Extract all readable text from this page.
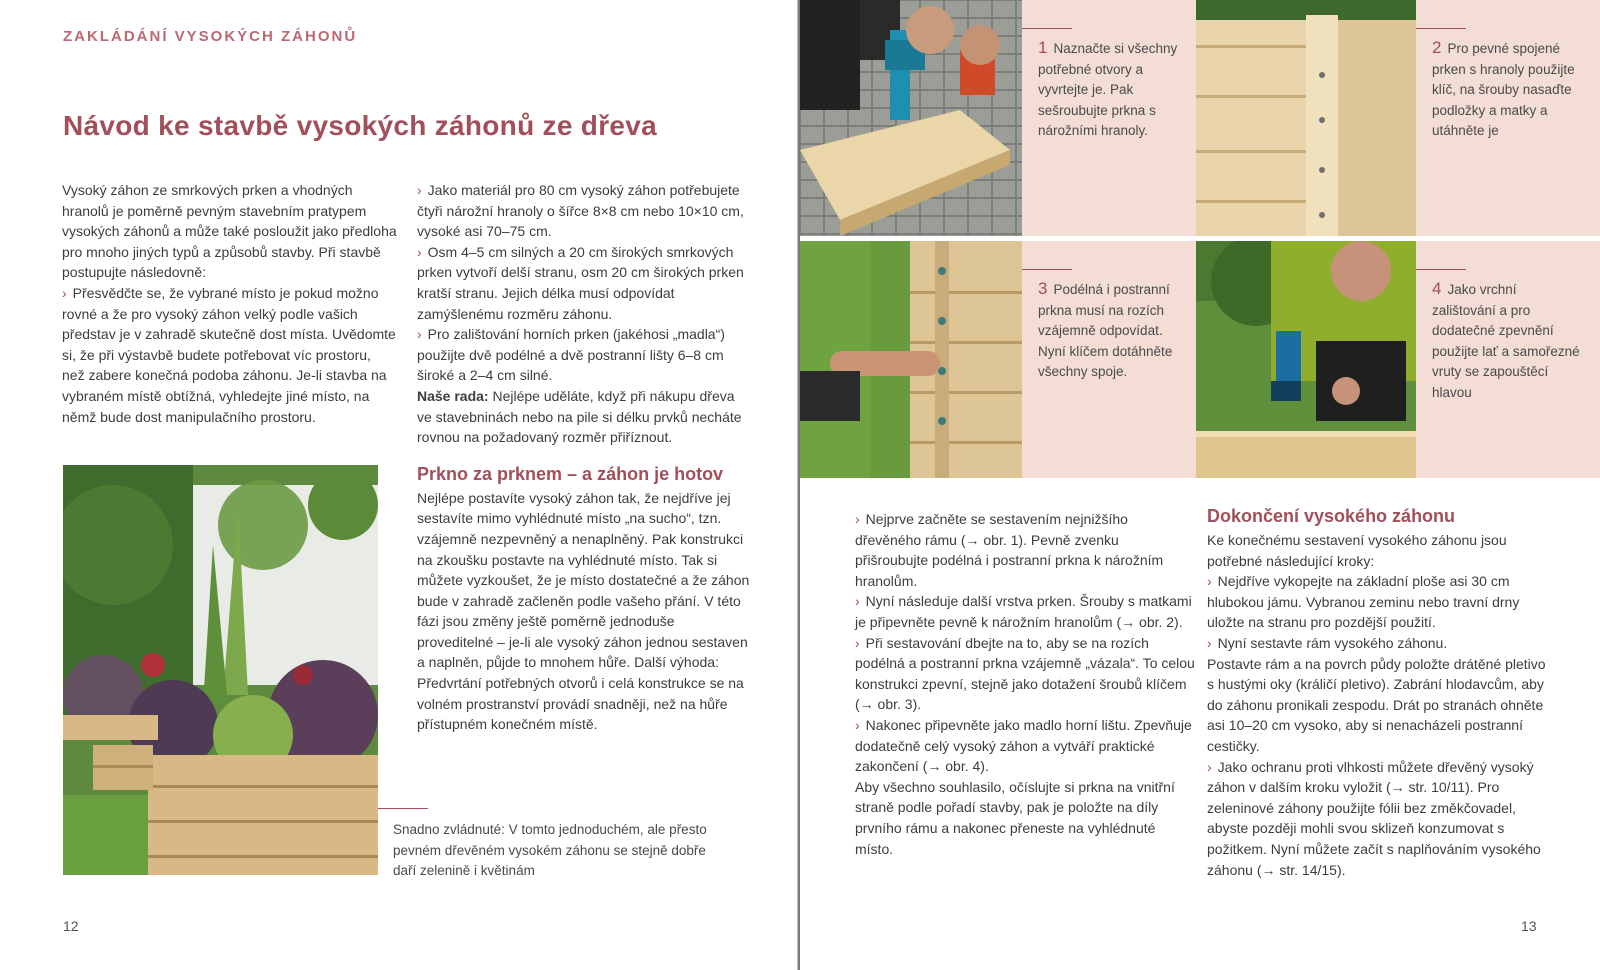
ZAKLÁDÁNÍ VYSOKÝCH ZÁHONŮ
Návod ke stavbě vysokých záhonů ze dřeva

Vysoký záhon ze smrkových prken a vhodných hranolů je poměrně pevným stavebním pratypem vysokých záhonů a může také posloužit jako předloha pro mnoho jiných typů a způsobů stavby. Při stavbě postupujte následovně:

› Přesvědčte se, že vybrané místo je pokud možno rovné a že pro vysoký záhon velký podle vašich představ je v zahradě skutečně dost místa. Uvědomte si, že při výstavbě budete potřebovat víc prostoru, než zabere konečná podoba záhonu. Je-li stavba na vybraném místě obtížná, vyhledejte jiné místo, na němž bude dost manipulačního prostoru.

› Jako materiál pro 80 cm vysoký záhon potřebujete čtyři nárožní hranoly o šířce 8×8 cm nebo 10×10 cm, vysoké asi 70–75 cm.

› Osm 4–5 cm silných a 20 cm širokých smrkových prken vytvoří delší stranu, osm 20 cm širokých prken kratší stranu. Jejich délka musí odpovídat zamýšlenému rozměru záhonu.

› Pro zalištování horních prken (jakéhosi „madla“) použijte dvě podélné a dvě postranní lišty 6–8 cm široké a 2–4 cm silné.

Naše rada: Nejlépe uděláte, když při nákupu dřeva ve stavebninách nebo na pile si délku prvků necháte rovnou na požadovaný rozměr přiříznout.

Prkno za prknem – a záhon je hotov

Nejlépe postavíte vysoký záhon tak, že nejdříve jej sestavíte mimo vyhlédnuté místo „na sucho“, tzn. vzájemně nezpevněný a nenaplněný. Pak konstrukci na zkoušku postavte na vyhlédnuté místo. Tak si můžete vyzkoušet, že je místo dostatečné a že záhon bude v zahradě začleněn podle vašeho přání. V této fázi jsou změny ještě poměrně jednoduše proveditelné – je-li ale vysoký záhon jednou sestaven a naplněn, půjde to mnohem hůře. Další výhoda: Předvrtání potřebných otvorů i celá konstrukce se na volném prostranství provádí snadněji, než na hůře přístupném konečném místě.

Snadno zvládnuté: V tomto jednoduchém, ale přesto pevném dřevěném vysokém záhonu se stejně dobře daří zelenině i květinám

12	13

1 Naznačte si všechny potřebné otvory a vyvrtejte je. Pak sešroubujte prkna s nárožními hranoly.

2 Pro pevné spojené prken s hranoly použijte klíč, na šrouby nasaďte podložky a matky a utáhněte je

3 Podélná i postranní prkna musí na rozích vzájemně odpovídat. Nyní klíčem dotáhněte všechny spoje.

4 Jako vrchní zalištování a pro dodatečné zpevnění použijte lať a samořezné vruty se zapouštěcí hlavou

› Nejprve začněte se sestavením nejnižšího dřevěného rámu (→ obr. 1). Pevně zvenku přišroubujte podélná i postranní prkna k nárožním hranolům.

› Nyní následuje další vrstva prken. Šrouby s matkami je připevněte pevně k nárožním hranolům (→ obr. 2).

› Při sestavování dbejte na to, aby se na rozích podélná a postranní prkna vzájemně „vázala“. To celou konstrukci zpevní, stejně jako dotažení šroubů klíčem (→ obr. 3).

› Nakonec připevněte jako madlo horní lištu. Zpevňuje dodatečně celý vysoký záhon a vytváří praktické zakončení (→ obr. 4).

Aby všechno souhlasilo, očíslujte si prkna na vnitřní straně podle pořadí stavby, pak je položte na díly prvního rámu a nakonec přeneste na vyhlédnuté místo.

Dokončení vysokého záhonu

Ke konečnému sestavení vysokého záhonu jsou potřebné následující kroky:

› Nejdříve vykopejte na základní ploše asi 30 cm hlubokou jámu. Vybranou zeminu nebo travní drny uložte na stranu pro pozdější použití.

› Nyní sestavte rám vysokého záhonu.

Postavte rám a na povrch půdy položte drátěné pletivo s hustými oky (králičí pletivo). Zabrání hlodavcům, aby do záhonu pronikali zespodu. Drát po stranách ohněte asi 10–20 cm vysoko, aby si nenacházeli postranní cestičky.

› Jako ochranu proti vlhkosti můžete dřevěný vysoký záhon v dalším kroku vyložit (→ str. 10/11). Pro zeleninové záhony použijte fólii bez změkčovadel, abyste později mohli svou sklizeň konzumovat s požitkem. Nyní můžete začít s naplňováním vysokého záhonu (→ str. 14/15).
